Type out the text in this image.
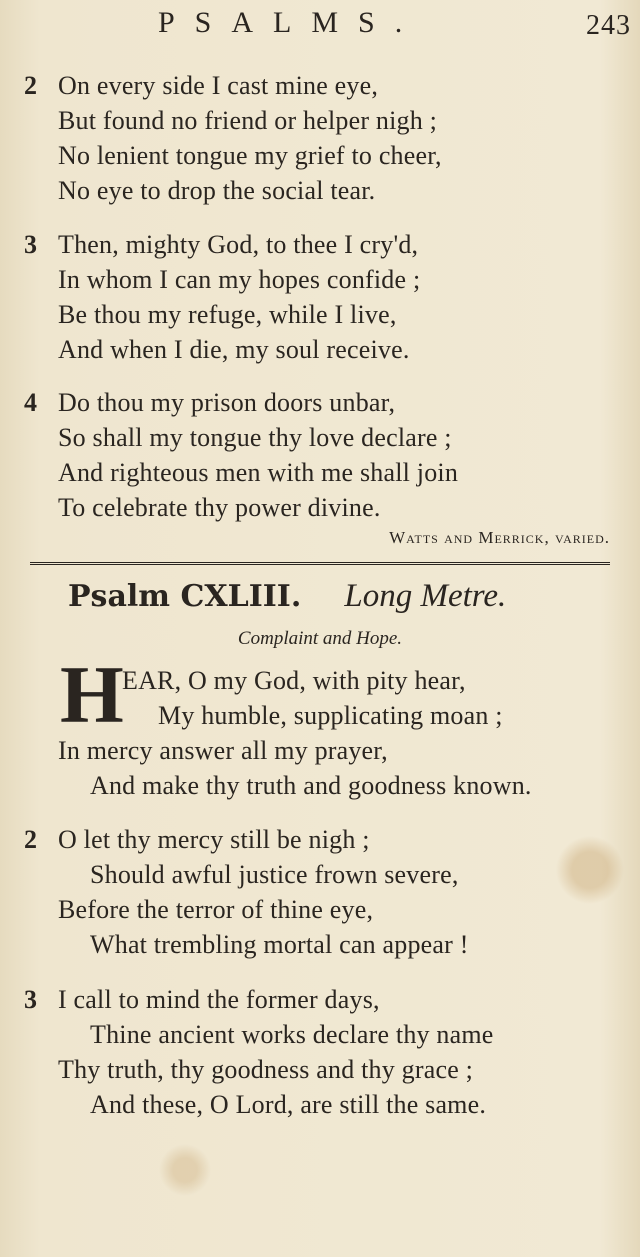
PSALMS.	243
2 On every side I cast mine eye,
But found no friend or helper nigh ;
No lenient tongue my grief to cheer,
No eye to drop the social tear.
3 Then, mighty God, to thee I cry'd,
In whom I can my hopes confide ;
Be thou my refuge, while I live,
And when I die, my soul receive.
4 Do thou my prison doors unbar,
So shall my tongue thy love declare ;
And righteous men with me shall join
To celebrate thy power divine.
Watts and Merrick, varied.
Psalm CXLIII. Long Metre.
Complaint and Hope.
H
EAR, O my God, with pity hear,
My humble, supplicating moan ;
In mercy answer all my prayer,
And make thy truth and goodness known.
2 O let thy mercy still be nigh ;
Should awful justice frown severe,
Before the terror of thine eye,
What trembling mortal can appear !
3 I call to mind the former days,
Thine ancient works declare thy name
Thy truth, thy goodness and thy grace ;
And these, O Lord, are still the same.
